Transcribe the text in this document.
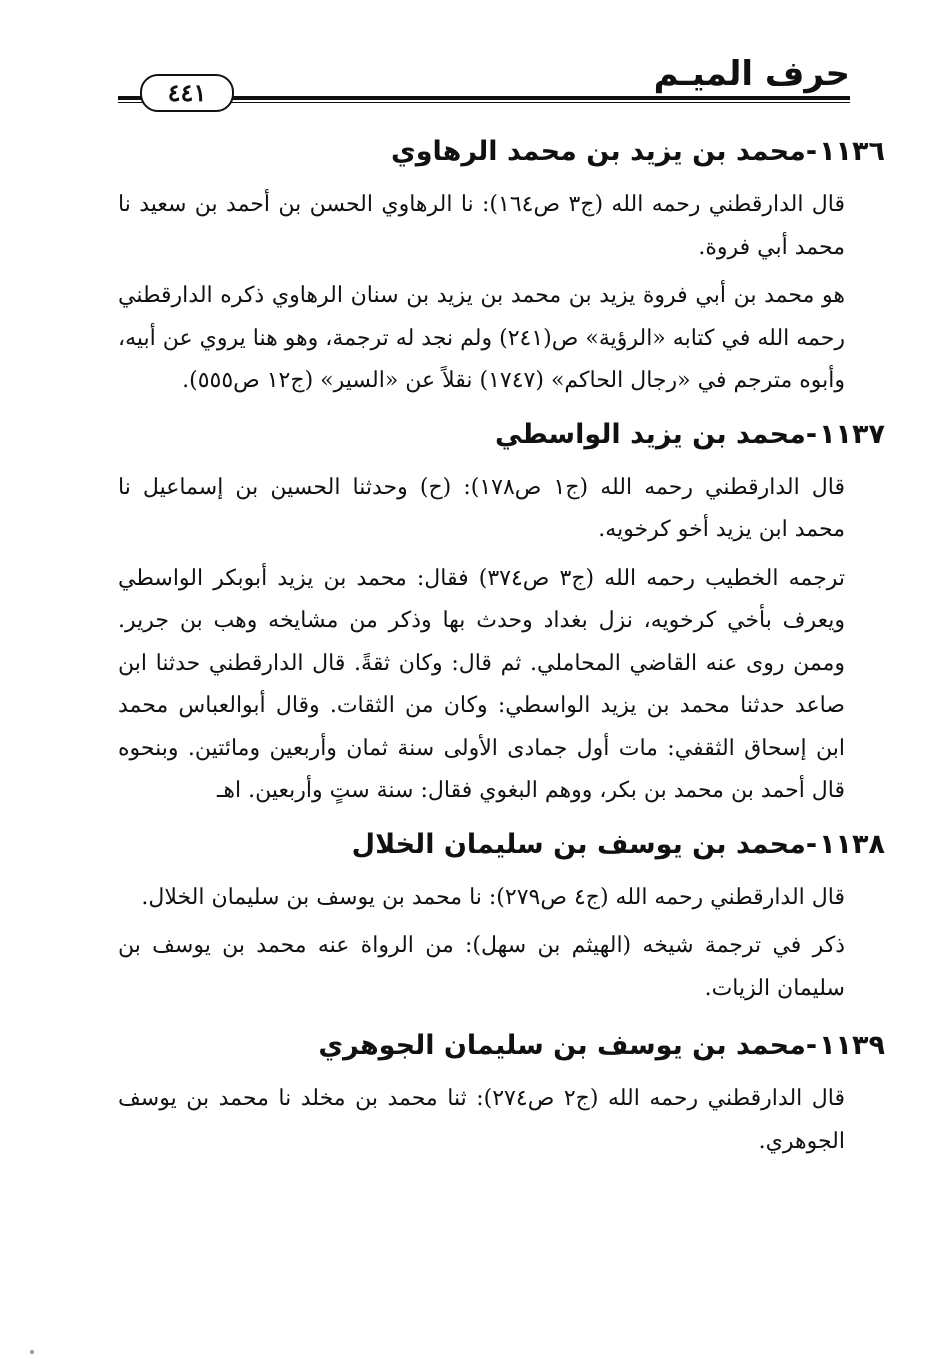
حرف الميـم
٤٤١
١١٣٦-محمد بن يزيد بن محمد الرهاوي

قال الدارقطني رحمه الله (ج٣ ص١٦٤): نا الرهاوي الحسن بن أحمد بن سعيد نا محمد أبي فروة.

هو محمد بن أبي فروة يزيد بن محمد بن يزيد بن سنان الرهاوي ذكره الدارقطني رحمه الله في كتابه «الرؤية» ص(٢٤١) ولم نجد له ترجمة، وهو هنا يروي عن أبيه، وأبوه مترجم في «رجال الحاكم» (١٧٤٧) نقلاً عن «السير» (ج١٢ ص٥٥٥).

١١٣٧-محمد بن يزيد الواسطي

قال الدارقطني رحمه الله (ج١ ص١٧٨): (ح) وحدثنا الحسين بن إسماعيل نا محمد ابن يزيد أخو كرخويه.

ترجمه الخطيب رحمه الله (ج٣ ص٣٧٤) فقال: محمد بن يزيد أبوبكر الواسطي ويعرف بأخي كرخويه، نزل بغداد وحدث بها وذكر من مشايخه وهب بن جرير. وممن روى عنه القاضي المحاملي. ثم قال: وكان ثقةً. قال الدارقطني حدثنا ابن صاعد حدثنا محمد بن يزيد الواسطي: وكان من الثقات. وقال أبوالعباس محمد ابن إسحاق الثقفي: مات أول جمادى الأولى سنة ثمان وأربعين ومائتين. وبنحوه قال أحمد بن محمد بن بكر، ووهم البغوي فقال: سنة ستٍ وأربعين. اهـ

١١٣٨-محمد بن يوسف بن سليمان الخلال

قال الدارقطني رحمه الله (ج٤ ص٢٧٩): نا محمد بن يوسف بن سليمان الخلال.

ذكر في ترجمة شيخه (الهيثم بن سهل): من الرواة عنه محمد بن يوسف بن سليمان الزيات.

١١٣٩-محمد بن يوسف بن سليمان الجوهري

قال الدارقطني رحمه الله (ج٢ ص٢٧٤): ثنا محمد بن مخلد نا محمد بن يوسف الجوهري.
